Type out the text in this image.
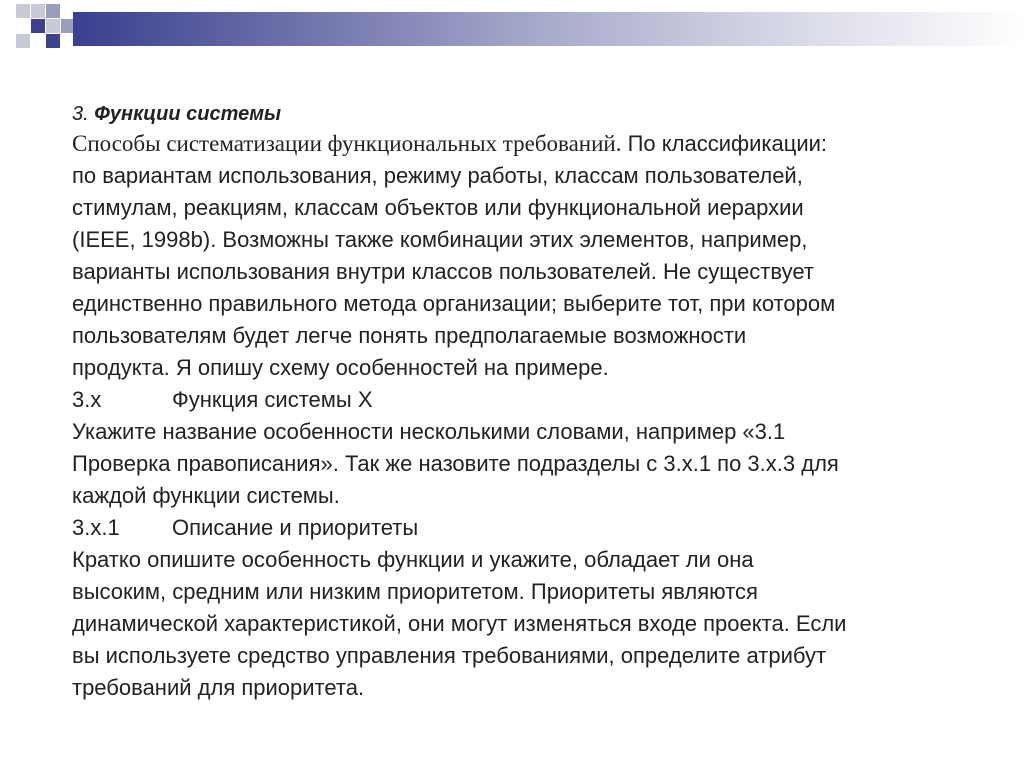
3. Функции системы
Способы систематизации функциональных требований. По классификации:
по вариантам использования, режиму работы, классам пользователей,
стимулам, реакциям, классам объектов или функциональной иерархии
(IEEE, 1998b). Возможны также комбинации этих элементов, например,
варианты использования внутри классов пользователей. Не существует
единственно правильного метода организации; выберите тот, при котором
пользователям будет легче понять предполагаемые возможности
продукта. Я опишу схему особенностей на примере.
3.x	Функция системы X
Укажите название особенности несколькими словами, например «3.1
Проверка правописания». Так же назовите подразделы с 3.x.1 по 3.x.3 для
каждой функции системы.
3.x.1	Описание и приоритеты
Кратко опишите особенность функции и укажите, обладает ли она
высоким, средним или низким приоритетом. Приоритеты являются
динамической характеристикой, они могут изменяться входе проекта. Если
вы используете средство управления требованиями, определите атрибут
требований для приоритета.
